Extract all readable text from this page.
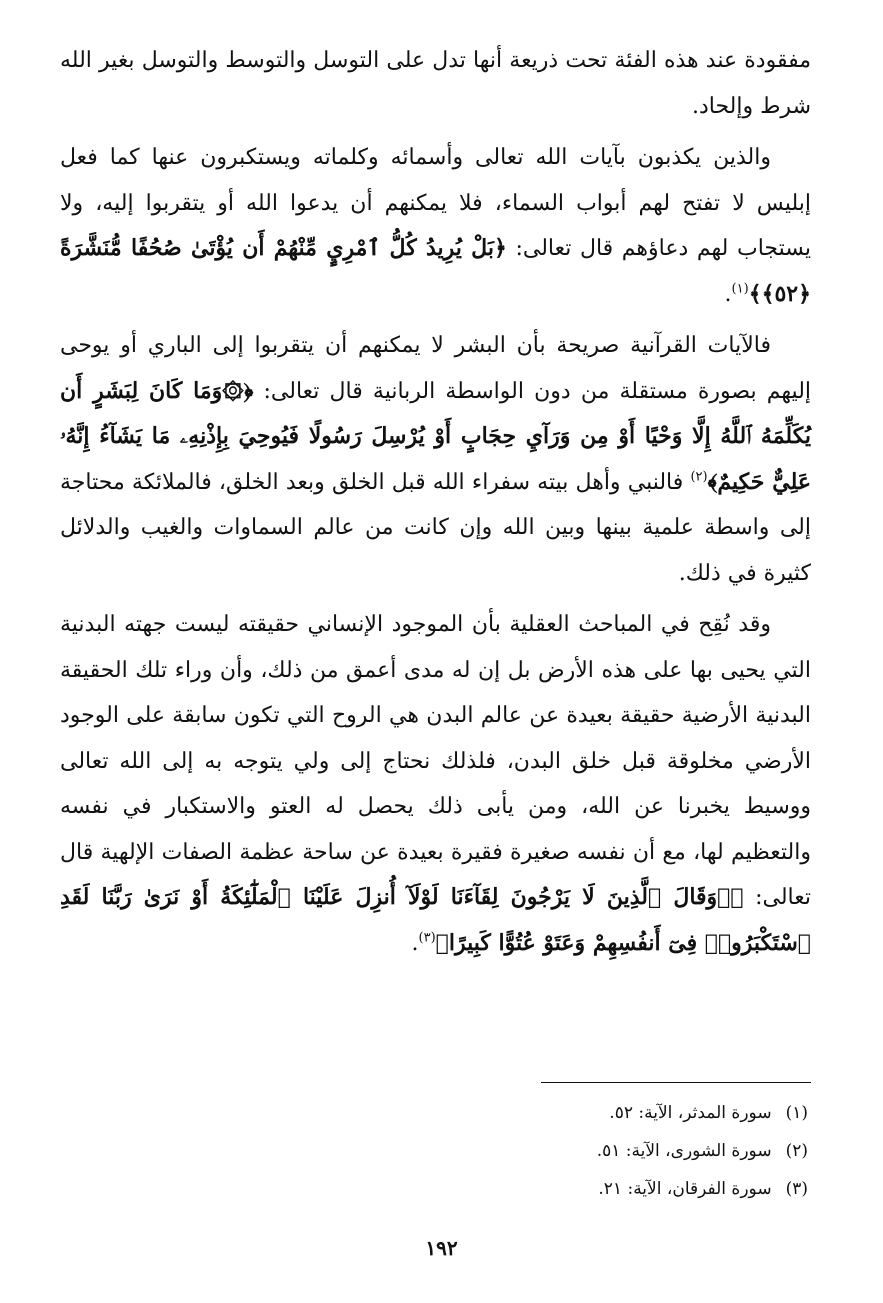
مفقودة عند هذه الفئة تحت ذريعة أنها تدل على التوسل والتوسط والتوسل بغير الله شرط وإلحاد.

والذين يكذبون بآيات الله تعالى وأسمائه وكلماته ويستكبرون عنها كما فعل إبليس لا تفتح لهم أبواب السماء، فلا يمكنهم أن يدعوا الله أو يتقربوا إليه، ولا يستجاب لهم دعاؤهم قال تعالى: ﴿بَلْ يُرِيدُ كُلُّ ٱمْرِيٍٕ مِّنْهُمْ أَن يُؤْتَىٰ صُحُفًا مُّنَشَّرَةً ﴿٥٢﴾﴾$^{(١)}$.

فالآيات القرآنية صريحة بأن البشر لا يمكنهم أن يتقربوا إلى الباري أو يوحى إليهم بصورة مستقلة من دون الواسطة الربانية قال تعالى: ﴿۞وَمَا كَانَ لِبَشَرٍ أَن يُكَلِّمَهُ ٱللَّهُ إِلَّا وَحْيًا أَوْ مِن وَرَآيِ حِجَابٍ أَوْ يُرْسِلَ رَسُولًا فَيُوحِيَ بِإِذْنِهِۦ مَا يَشَآءُ إِنَّهُۥ عَلِيٌّ حَكِيمٌ﴾$^{(٢)}$ فالنبي وأهل بيته سفراء الله قبل الخلق وبعد الخلق، فالملائكة محتاجة إلى واسطة علمية بينها وبين الله وإن كانت من عالم السماوات والغيب والدلائل كثيرة في ذلك.

وقد نُقِح في المباحث العقلية بأن الموجود الإنساني حقيقته ليست جهته البدنية التي يحيى بها على هذه الأرض بل إن له مدى أعمق من ذلك، وأن وراء تلك الحقيقة البدنية الأرضية حقيقة بعيدة عن عالم البدن هي الروح التي تكون سابقة على الوجود الأرضي مخلوقة قبل خلق البدن، فلذلك نحتاج إلى ولي يتوجه به إلى الله تعالى ووسيط يخبرنا عن الله، ومن يأبى ذلك يحصل له العتو والاستكبار في نفسه والتعظيم لها، مع أن نفسه صغيرة فقيرة بعيدة عن ساحة عظمة الصفات الإلهية قال تعالى: ﴿۞وَقَالَ ٱلَّذِينَ لَا يَرْجُونَ لِقَآءَنَا لَوْلَآ أُنزِلَ عَلَيْنَا ٱلْمَلَٰٓئِكَةُ أَوْ نَرَىٰ رَبَّنَا لَقَدِ ٱسْتَكْبَرُوا۟ فِىٓ أَنفُسِهِمْ وَعَتَوْ عُتُوًّا كَبِيرًا﴾$^{(٣)}$.

(١)سورة المدثر، الآية: ٥٢.
(٢)سورة الشورى، الآية: ٥١.
(٣)سورة الفرقان، الآية: ٢١.
١٩٢
